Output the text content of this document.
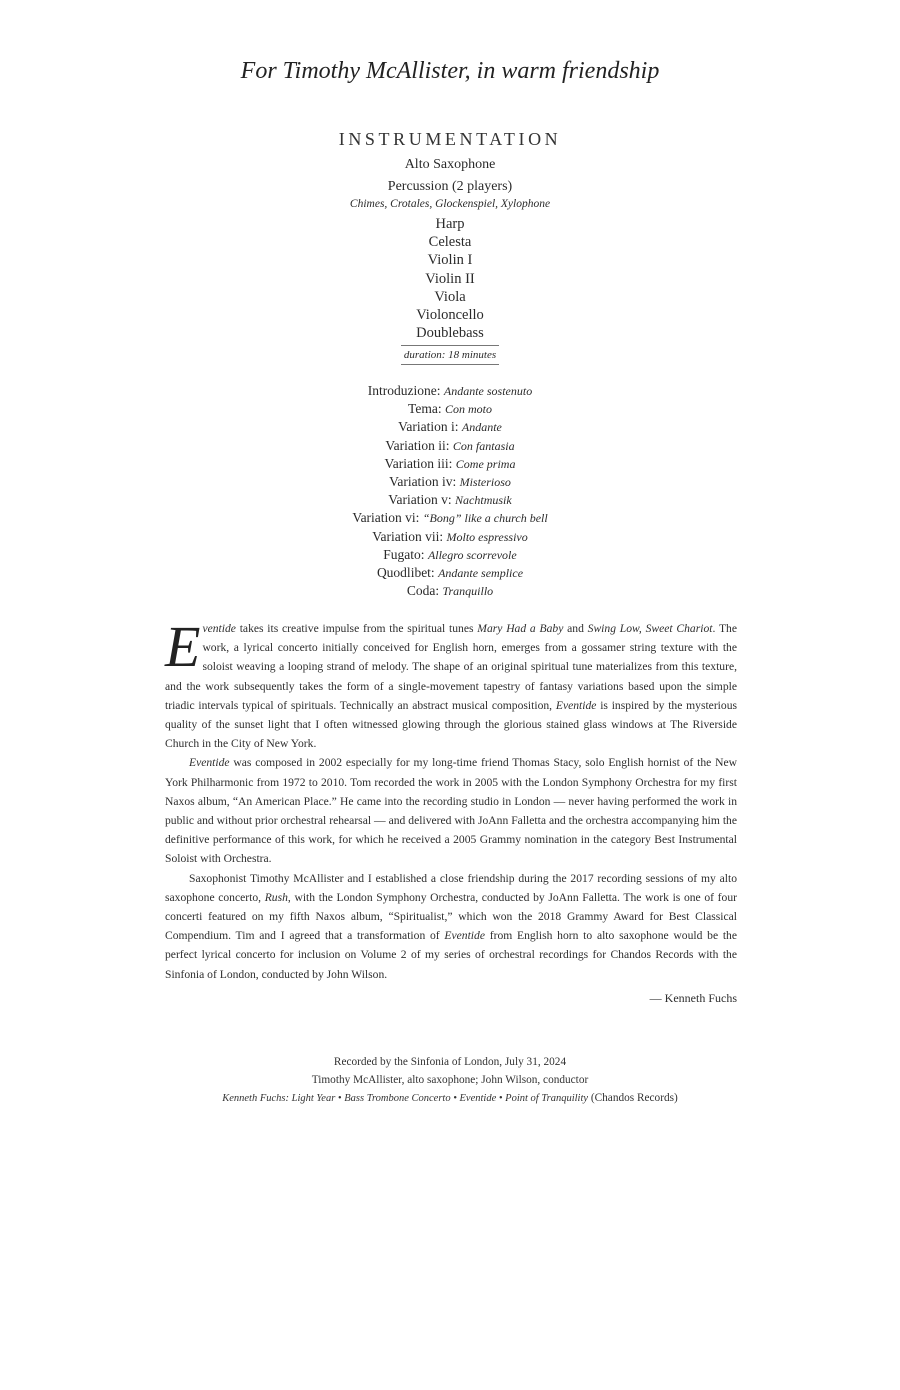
For Timothy McAllister, in warm friendship
INSTRUMENTATION
Alto Saxophone
Percussion (2 players)
Chimes, Crotales, Glockenspiel, Xylophone
Harp
Celesta
Violin I
Violin II
Viola
Violoncello
Doublebass
duration: 18 minutes
Introduzione: Andante sostenuto
Tema: Con moto
Variation i: Andante
Variation ii: Con fantasia
Variation iii: Come prima
Variation iv: Misterioso
Variation v: Nachtmusik
Variation vi: “Bong” like a church bell
Variation vii: Molto espressivo
Fugato: Allegro scorrevole
Quodlibet: Andante semplice
Coda: Tranquillo

Eventide takes its creative impulse from the spiritual tunes Mary Had a Baby and Swing Low, Sweet Chariot. The work, a lyrical concerto initially conceived for English horn, emerges from a gossamer string texture with the soloist weaving a looping strand of melody. The shape of an original spiritual tune materializes from this texture, and the work subsequently takes the form of a single-movement tapestry of fantasy variations based upon the simple triadic intervals typical of spirituals. Technically an abstract musical composition, Eventide is inspired by the mysterious quality of the sunset light that I often witnessed glowing through the glorious stained glass windows at The Riverside Church in the City of New York.

Eventide was composed in 2002 especially for my long-time friend Thomas Stacy, solo English hornist of the New York Philharmonic from 1972 to 2010. Tom recorded the work in 2005 with the London Symphony Orchestra for my first Naxos album, “An American Place.” He came into the recording studio in London — never having performed the work in public and without prior orchestral rehearsal — and delivered with JoAnn Falletta and the orchestra accompanying him the definitive performance of this work, for which he received a 2005 Grammy nomination in the category Best Instrumental Soloist with Orchestra.

Saxophonist Timothy McAllister and I established a close friendship during the 2017 recording sessions of my alto saxophone concerto, Rush, with the London Symphony Orchestra, conducted by JoAnn Falletta. The work is one of four concerti featured on my fifth Naxos album, “Spiritualist,” which won the 2018 Grammy Award for Best Classical Compendium. Tim and I agreed that a transformation of Eventide from English horn to alto saxophone would be the perfect lyrical concerto for inclusion on Volume 2 of my series of orchestral recordings for Chandos Records with the Sinfonia of London, conducted by John Wilson.

— Kenneth Fuchs
Recorded by the Sinfonia of London, July 31, 2024
Timothy McAllister, alto saxophone; John Wilson, conductor
Kenneth Fuchs: Light Year • Bass Trombone Concerto • Eventide • Point of Tranquility (Chandos Records)
